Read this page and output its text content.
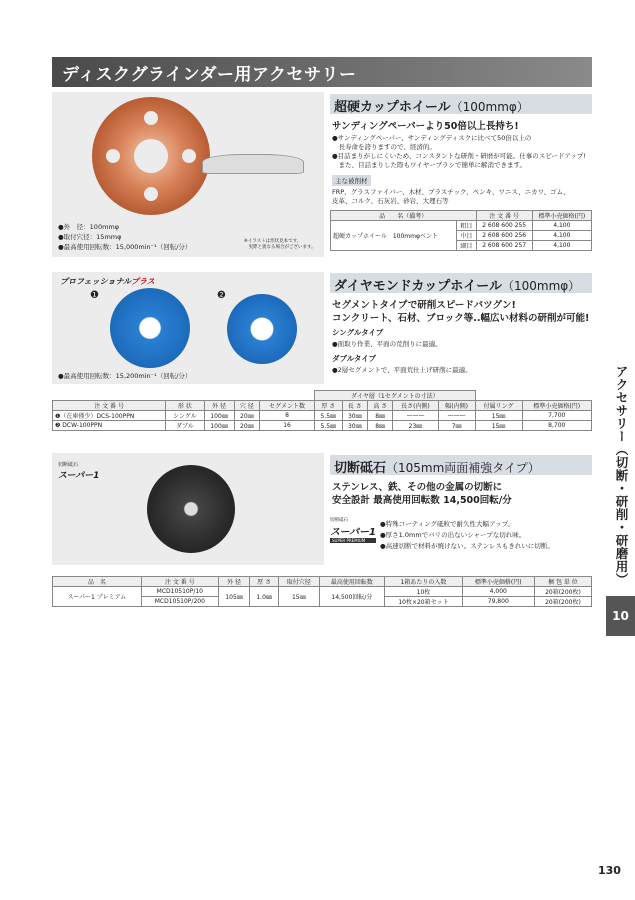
ディスクグラインダー用アクセサリー
アクセサリー（切断・研削・研磨用）
10
●外　径：100mmφ
●取付穴径：15mmφ
●最高使用回転数：15,000min⁻¹（回転/分）
※イラストは形状見本です。
　実際と異なる場合がございます。
超硬カップホイール（100mmφ）
サンディングペーパーより50倍以上長持ち!
●サンディングペーパー、サンディングディスクに比べて50倍以上の
　長寿命を誇りますので、経済的。
●目詰まりがしにくいため、コンスタントな研削・研磨が可能。仕事のスピードアップ!
　また、目詰まりした際もワイヤーブラシで簡単に解消できます。
主な被削材
FRP、グラスファイバー、木材、プラスチック、ペンキ、ワニス、ニカワ、ゴム、
皮革、コルク、石灰岩、砂岩、大理石等
品　　名（備考）		注 文 番 号	標準小売価格(円)
超硬カップホイール　100mmφベント	粗目	2 608 600 255	4,100
	中目	2 608 600 256	4,100
	細目	2 608 600 257	4,100
プロフェッショナルプラス
❶	❷
●最高使用回転数：15,200min⁻¹（回転/分）
ダイヤモンドカップホイール（100mmφ）
セグメントタイプで研削スピードバツグン!
コンクリート、石材、ブロック等..幅広い材料の研削が可能!
シングルタイプ
●面取り作業、平面の荒削りに最適。
ダブルタイプ
●2層セグメントで、平面荒仕上げ研削に最適。
					ダイヤ層（1セグメントの寸法）						
注 文 番 号	形 状	外 径	穴 径	セグメント数	厚 さ	長 さ	高 さ	長さ(内側)	幅(内側)	付属リング	標準小売価格(円)
❶（在庫僅少）DCS-100PPN	シングル	100㎜	20㎜	8	5.5㎜	30㎜	8㎜	———	———	15㎜	7,700
❷ DCW-100PPN	ダブル	100㎜	20㎜	16	5.5㎜	30㎜	8㎜	23㎜	7㎜	15㎜	8,700
切断砥石
スーパー1	切断砥石（105mm両面補強タイプ）
ステンレス、鉄、その他の金属の切断に
安全設計 最高使用回転数 14,500回転/分
切断砥石
スーパー1
SUPER PREMIUM
●特殊コーティング砥粒で耐久性大幅アップ。
●厚さ1.0mmでバリの出ないシャープな切れ味。
●高速切断で材料が焼けない。ステンレスもきれいに切断。
品　名	注 文 番 号	外 径	厚 さ	取付穴径	最高使用回転数	1箱あたりの入数	標準小売価格(円)	梱 包 単 位
スーパー1 プレミアム	MCD10510P/10	105㎜	1.0㎜	15㎜	14,500回転/分	10枚	4,000	20箱(200枚)
	MCD10510P/200					10枚×20箱セット	79,800	20箱(200枚)
130
